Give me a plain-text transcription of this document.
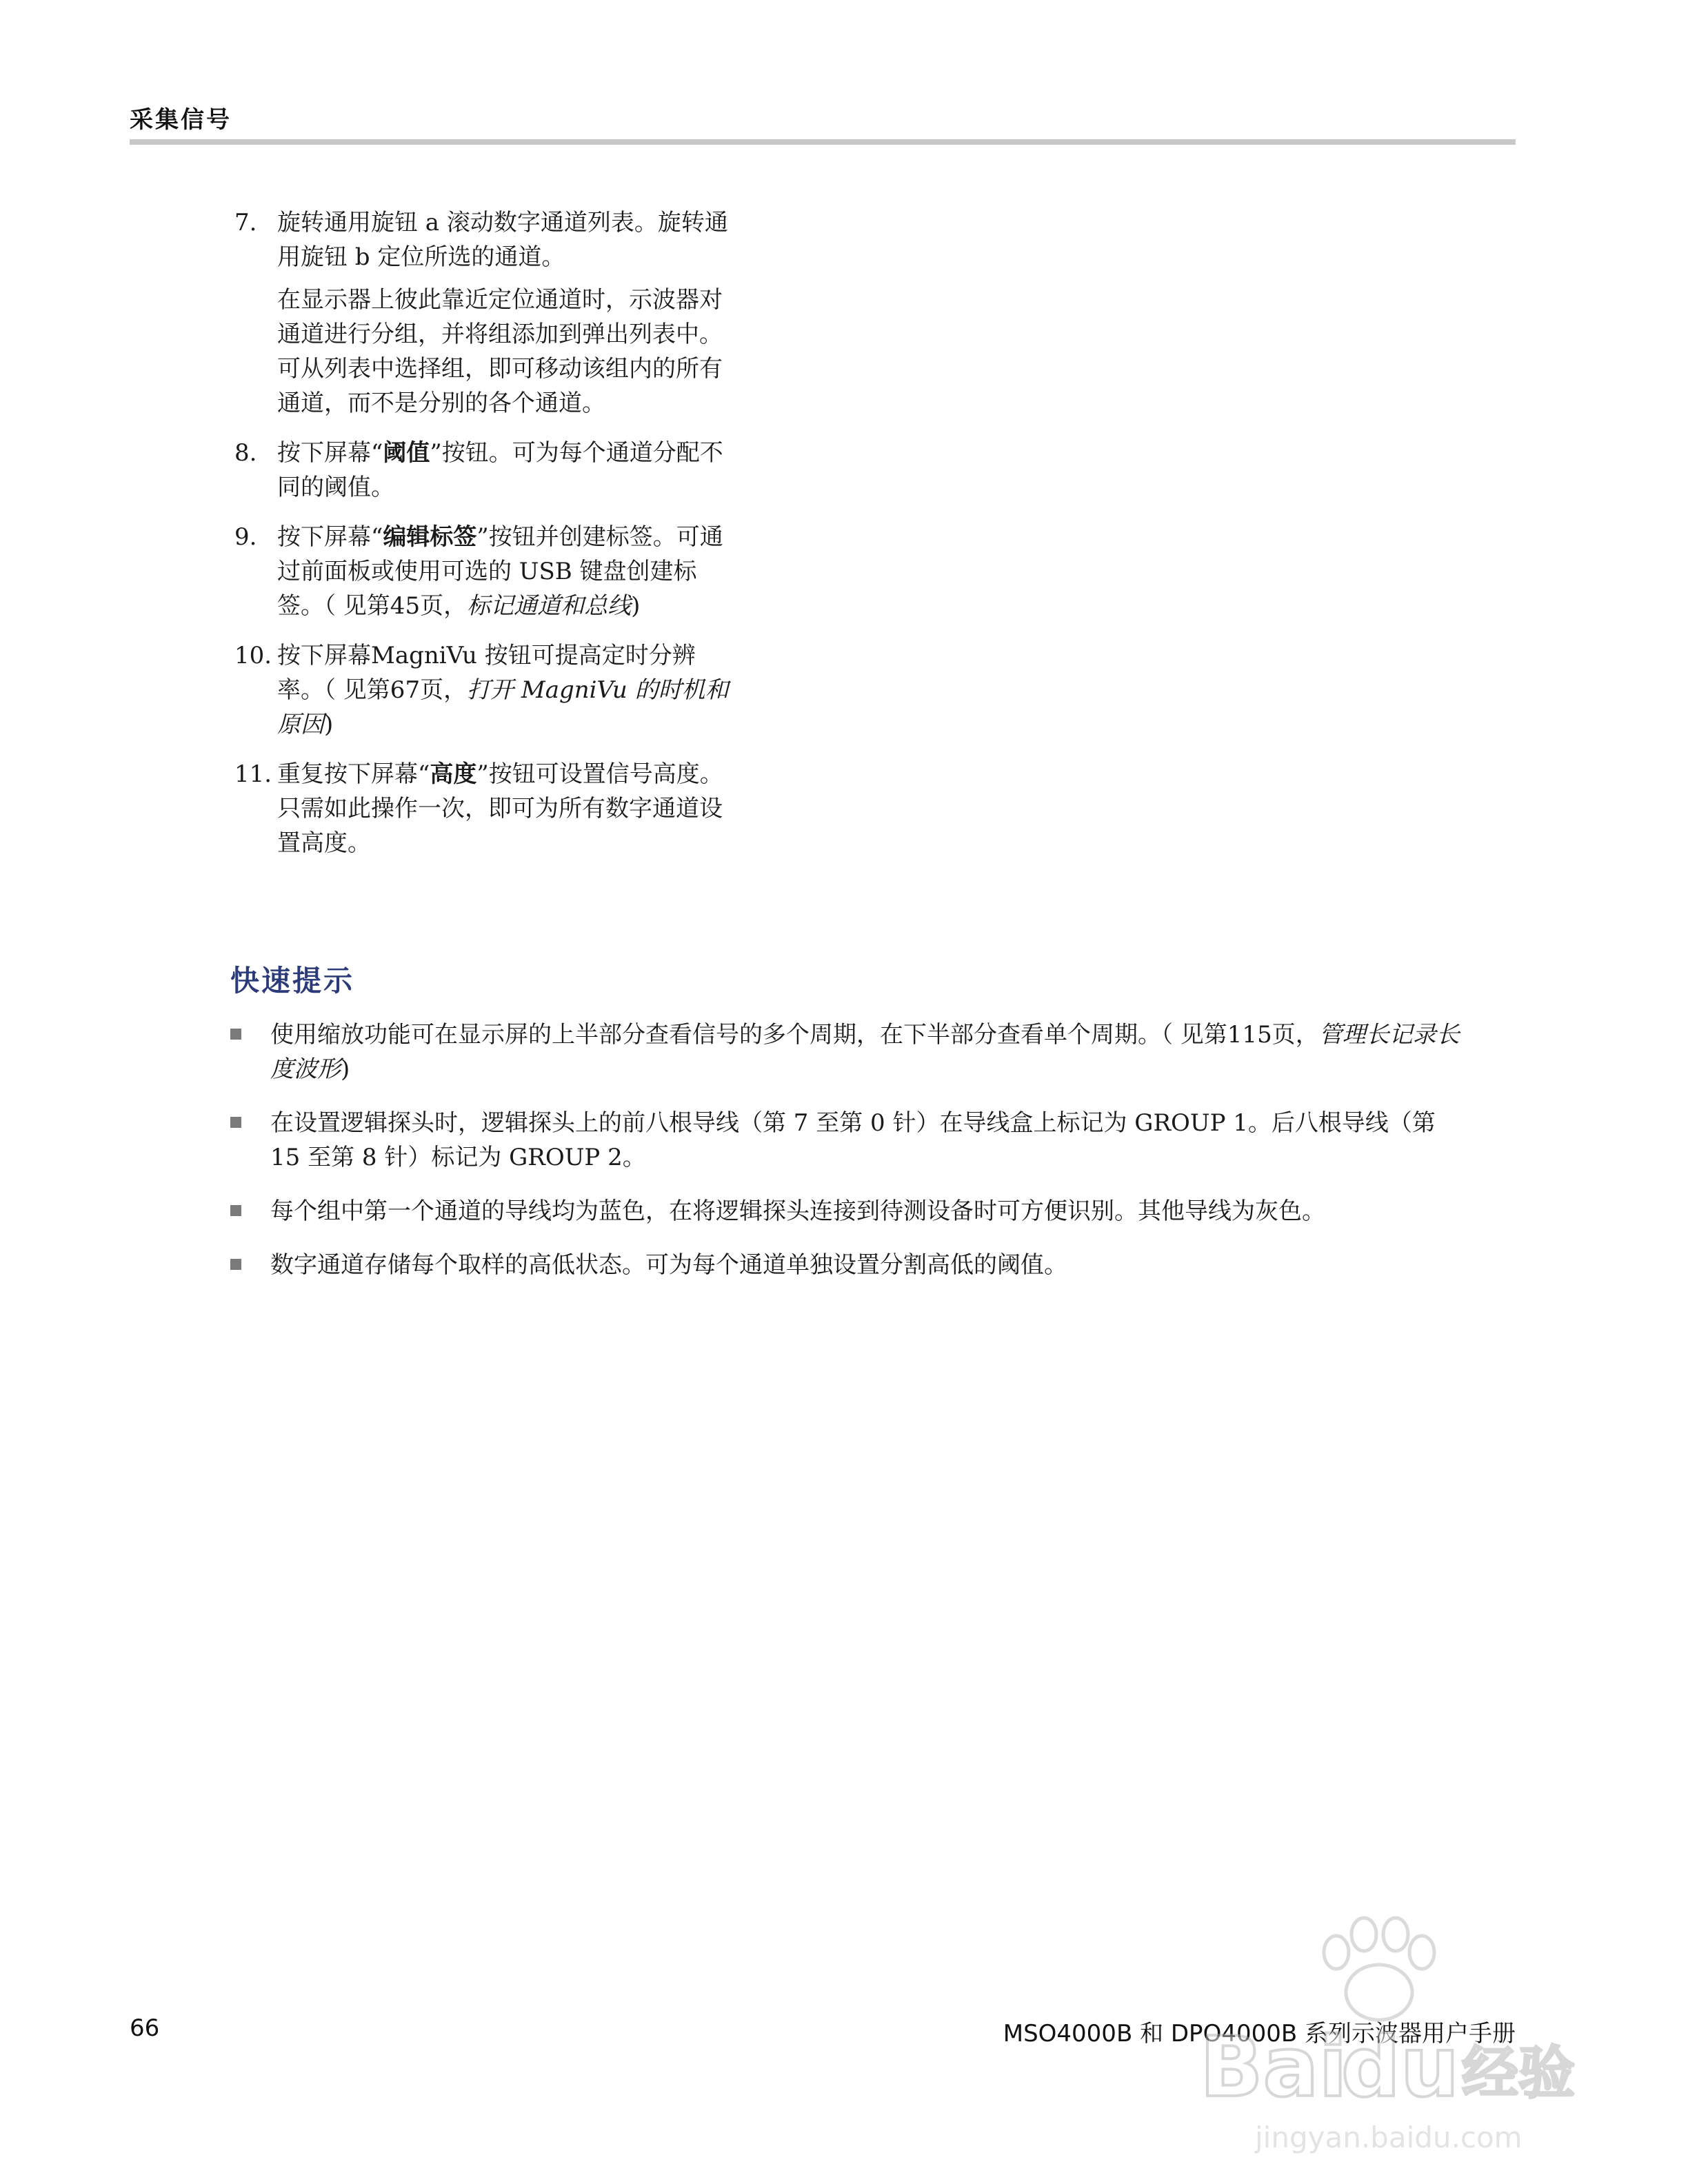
采集信号
7. 旋转通用旋钮 a 滚动数字通道列表。旋转通用旋钮 b 定位所选的通道。

在显示器上彼此靠近定位通道时，示波器对通道进行分组，并将组添加到弹出列表中。可从列表中选择组，即可移动该组内的所有通道，而不是分别的各个通道。

8. 按下屏幕“阈值”按钮。可为每个通道分配不同的阈值。

9. 按下屏幕“编辑标签”按钮并创建标签。可通过前面板或使用可选的 USB 键盘创建标签。（ 见第45页，标记通道和总线)

10. 按下屏幕MagniVu 按钮可提高定时分辨率。（ 见第67页，打开 MagniVu 的时机和原因)

11. 重复按下屏幕“高度”按钮可设置信号高度。只需如此操作一次，即可为所有数字通道设置高度。

快速提示
使用缩放功能可在显示屏的上半部分查看信号的多个周期，在下半部分查看单个周期。（ 见第115页，管理长记录长度波形)
在设置逻辑探头时，逻辑探头上的前八根导线（第 7 至第 0 针）在导线盒上标记为 GROUP 1。后八根导线（第 15 至第 8 针）标记为 GROUP 2。
每个组中第一个通道的导线均为蓝色，在将逻辑探头连接到待测设备时可方便识别。其他导线为灰色。
数字通道存储每个取样的高低状态。可为每个通道单独设置分割高低的阈值。
66	MSO4000B 和 DPO4000B 系列示波器用户手册
Bai
du 经验
jingyan.baidu.com
